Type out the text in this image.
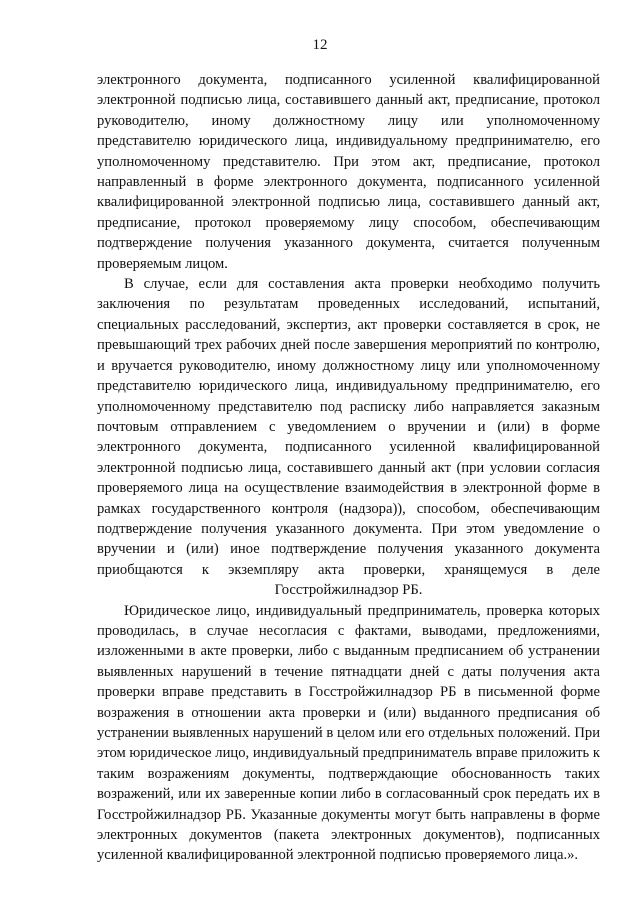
12

электронного документа, подписанного усиленной квалифицированной электронной подписью лица, составившего данный акт, предписание, протокол руководителю, иному должностному лицу или уполномоченному представителю юридического лица, индивидуальному предпринимателю, его уполномоченному представителю. При этом акт, предписание, протокол направленный в форме электронного документа, подписанного усиленной квалифицированной электронной подписью лица, составившего данный акт, предписание, протокол проверяемому лицу способом, обеспечивающим подтверждение получения указанного документа, считается полученным проверяемым лицом.

В случае, если для составления акта проверки необходимо получить заключения по результатам проведенных исследований, испытаний, специальных расследований, экспертиз, акт проверки составляется в срок, не превышающий трех рабочих дней после завершения мероприятий по контролю, и вручается руководителю, иному должностному лицу или уполномоченному представителю юридического лица, индивидуальному предпринимателю, его уполномоченному представителю под расписку либо направляется заказным почтовым отправлением с уведомлением о вручении и (или) в форме электронного документа, подписанного усиленной квалифицированной электронной подписью лица, составившего данный акт (при условии согласия проверяемого лица на осуществление взаимодействия в электронной форме в рамках государственного контроля (надзора)), способом, обеспечивающим подтверждение получения указанного документа. При этом уведомление о вручении и (или) иное подтверждение получения указанного документа приобщаются к экземпляру акта проверки, хранящемуся в деле Госстройжилнадзор РБ.

Юридическое лицо, индивидуальный предприниматель, проверка которых проводилась, в случае несогласия с фактами, выводами, предложениями, изложенными в акте проверки, либо с выданным предписанием об устранении выявленных нарушений в течение пятнадцати дней с даты получения акта проверки вправе представить в Госстройжилнадзор РБ в письменной форме возражения в отношении акта проверки и (или) выданного предписания об устранении выявленных нарушений в целом или его отдельных положений. При этом юридическое лицо, индивидуальный предприниматель вправе приложить к таким возражениям документы, подтверждающие обоснованность таких возражений, или их заверенные копии либо в согласованный срок передать их в Госстройжилнадзор РБ. Указанные документы могут быть направлены в форме электронных документов (пакета электронных документов), подписанных усиленной квалифицированной электронной подписью проверяемого лица.».
